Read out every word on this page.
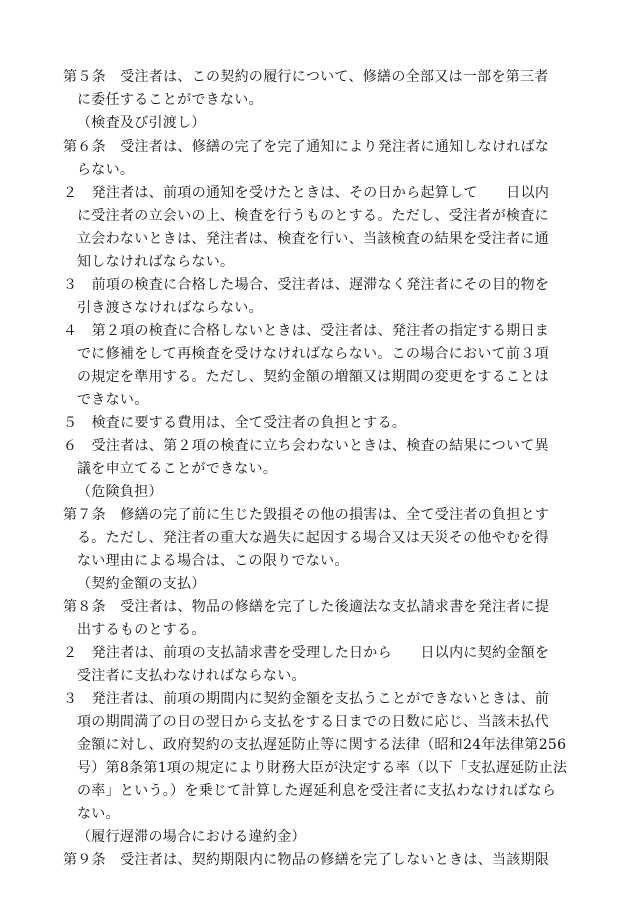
第５条　受注者は、この契約の履行について、修繕の全部又は一部を第三者
に委任することができない。
（検査及び引渡し）
第６条　受注者は、修繕の完了を完了通知により発注者に通知しなければな
らない。
２　発注者は、前項の通知を受けたときは、その日から起算して　　日以内
に受注者の立会いの上、検査を行うものとする。ただし、受注者が検査に
立会わないときは、発注者は、検査を行い、当該検査の結果を受注者に通
知しなければならない。
３　前項の検査に合格した場合、受注者は、遅滞なく発注者にその目的物を
引き渡さなければならない。
４　第２項の検査に合格しないときは、受注者は、発注者の指定する期日ま
でに修補をして再検査を受けなければならない。この場合において前３項
の規定を準用する。ただし、契約金額の増額又は期間の変更をすることは
できない。
５　検査に要する費用は、全て受注者の負担とする。
６　受注者は、第２項の検査に立ち会わないときは、検査の結果について異
議を申立てることができない。
（危険負担）
第７条　修繕の完了前に生じた毀損その他の損害は、全て受注者の負担とす
る。ただし、発注者の重大な過失に起因する場合又は天災その他やむを得
ない理由による場合は、この限りでない。
（契約金額の支払）
第８条　受注者は、物品の修繕を完了した後適法な支払請求書を発注者に提
出するものとする。
２　発注者は、前項の支払請求書を受理した日から　　日以内に契約金額を
受注者に支払わなければならない。
３　発注者は、前項の期間内に契約金額を支払うことができないときは、前
項の期間満了の日の翌日から支払をする日までの日数に応じ、当該未払代
金額に対し、政府契約の支払遅延防止等に関する法律（昭和24年法律第256
号）第8条第1項の規定により財務大臣が決定する率（以下「支払遅延防止法
の率」という。）を乗じて計算した遅延利息を受注者に支払わなければなら
ない。
（履行遅滞の場合における違約金）
第９条　受注者は、契約期限内に物品の修繕を完了しないときは、当該期限
